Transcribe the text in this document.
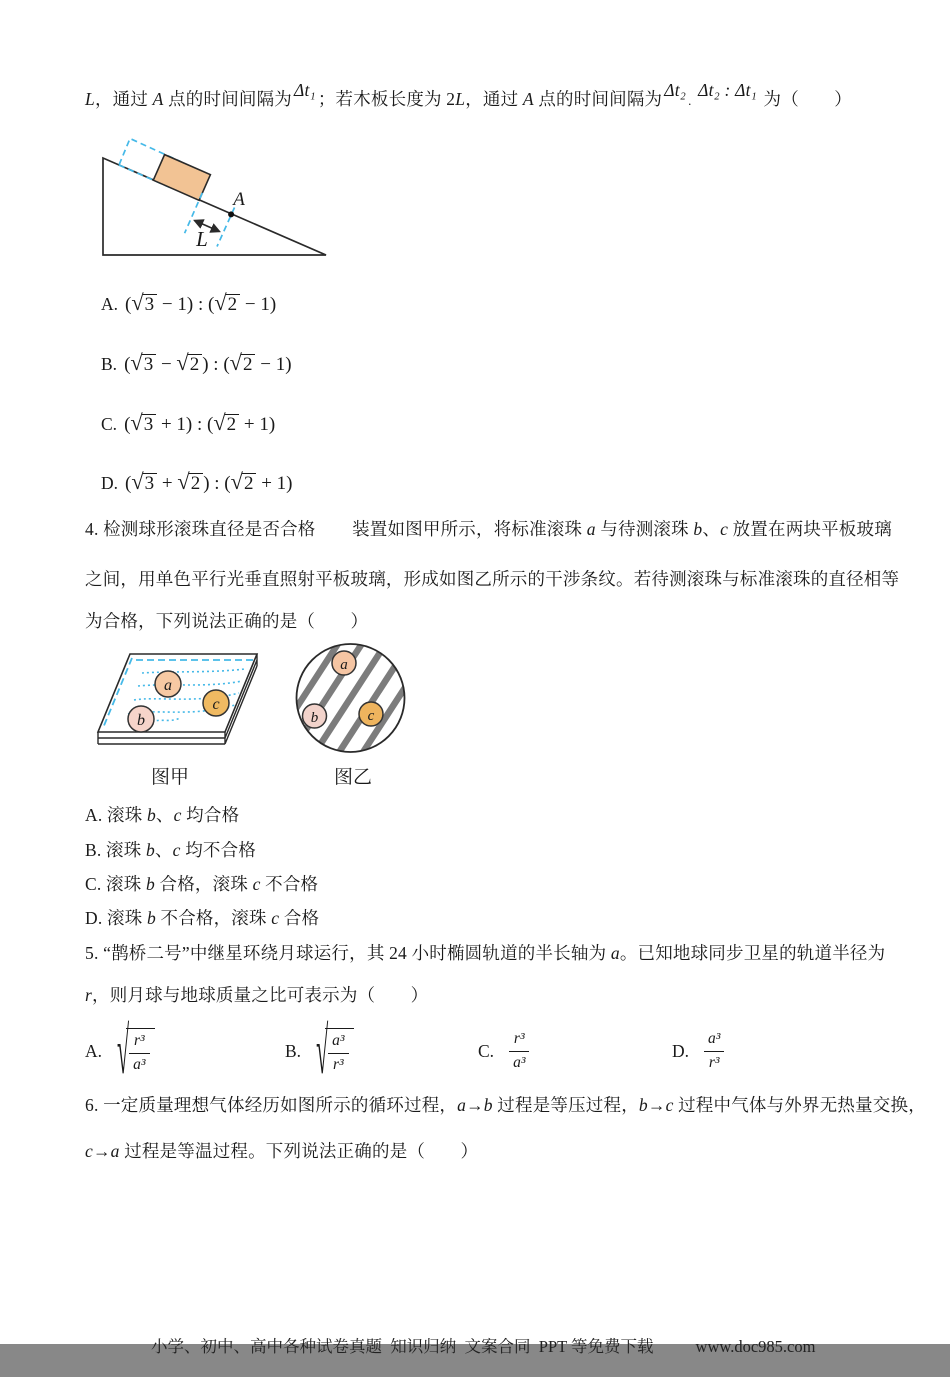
L，通过 A 点的时间间隔为 Δt₁ ；若木板长度为 2L，通过 A 点的时间间隔为 Δt₂. Δt₂ : Δt₁ 为（　　）
A
L

A. (√3 − 1) : (√2 − 1)

B. (√3 − √2 ) : (√2 − 1)

C. (√3 + 1) : (√2 + 1)

D. (√3 + √2 ) : (√2 + 1)

4. 检测球形滚珠直径是否合格 装置如图甲所示，将标准滚珠 a 与待测滚珠 b、c 放置在两块平板玻璃
之间，用单色平行光垂直照射平板玻璃，形成如图乙所示的干涉条纹。若待测滚珠与标准滚珠的直径相等
为合格，下列说法正确的是（　　）
a
b
c
图甲
a
b	c
图乙
A. 滚珠 b、c 均合格
B. 滚珠 b、c 均不合格
C. 滚珠 b 合格，滚珠 c 不合格
D. 滚珠 b 不合格，滚珠 c 合格
5. “鹊桥二号”中继星环绕月球运行，其 24 小时椭圆轨道的半长轴为 a。已知地球同步卫星的轨道半径为
r，则月球与地球质量之比可表示为（　　）
A. √ $\frac{\text{r³}}{\text{a³}}$	B. √ $\frac{\text{a³}}{\text{r³}}$	C. $\frac{\text{r³}}{\text{a³}}$	D. $\frac{\text{a³}}{\text{r³}}$
6. 一定质量理想气体经历如图所示的循环过程，a→b 过程是等压过程，b→c 过程中气体与外界无热量交换，
c→a 过程是等温过程。下列说法正确的是（　　）

小学、初中、高中各种试卷真题  知识归纳  文案合同  PPT 等免费下载	www.doc985.com
